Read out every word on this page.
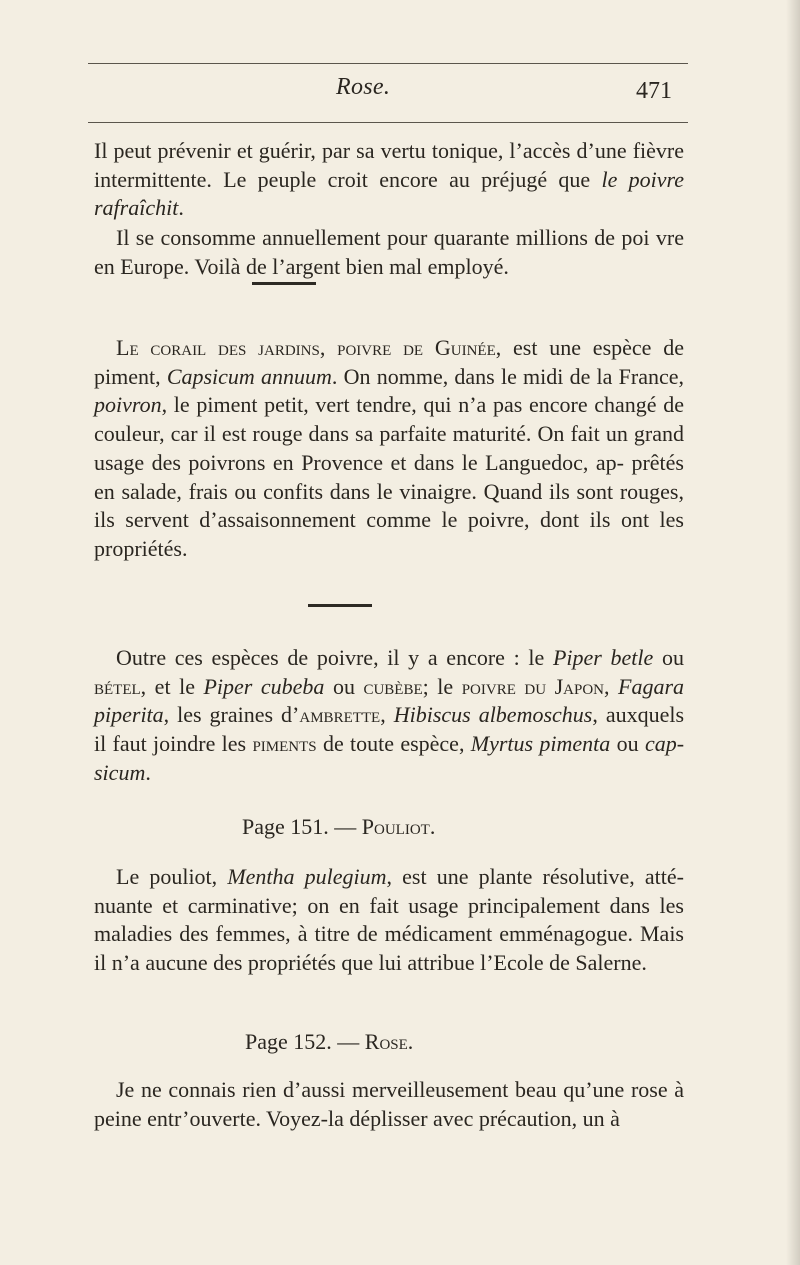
Rose.	471

Il peut prévenir et guérir, par sa vertu tonique, l’accès d’une fièvre intermittente. Le peuple croit encore au préjugé que le poivre rafraîchit.

Il se consomme annuellement pour quarante millions de poi vre en Europe. Voilà de l’argent bien mal employé.

Le corail des jardins, poivre de Guinée, est une espèce de piment, Capsicum annuum. On nomme, dans le midi de la France, poivron, le piment petit, vert tendre, qui n’a pas encore changé de couleur, car il est rouge dans sa parfaite maturité. On fait un grand usage des poivrons en Provence et dans le Languedoc, ap- prêtés en salade, frais ou confits dans le vinaigre. Quand ils sont rouges, ils servent d’assaisonnement comme le poivre, dont ils ont les propriétés.

Outre ces espèces de poivre, il y a encore : le Piper betle ou bétel, et le Piper cubeba ou cubèbe; le poivre du Japon, Fagara piperita, les graines d’ambrette, Hibiscus albemoschus, auxquels il faut joindre les piments de toute espèce, Myrtus pimenta ou cap- sicum.

Page 151. — Pouliot.

Le pouliot, Mentha pulegium, est une plante résolutive, atté- nuante et carminative; on en fait usage principalement dans les maladies des femmes, à titre de médicament emménagogue. Mais il n’a aucune des propriétés que lui attribue l’Ecole de Salerne.

Page 152. — Rose.

Je ne connais rien d’aussi merveilleusement beau qu’une rose à peine entr’ouverte. Voyez-la déplisser avec précaution, un à
